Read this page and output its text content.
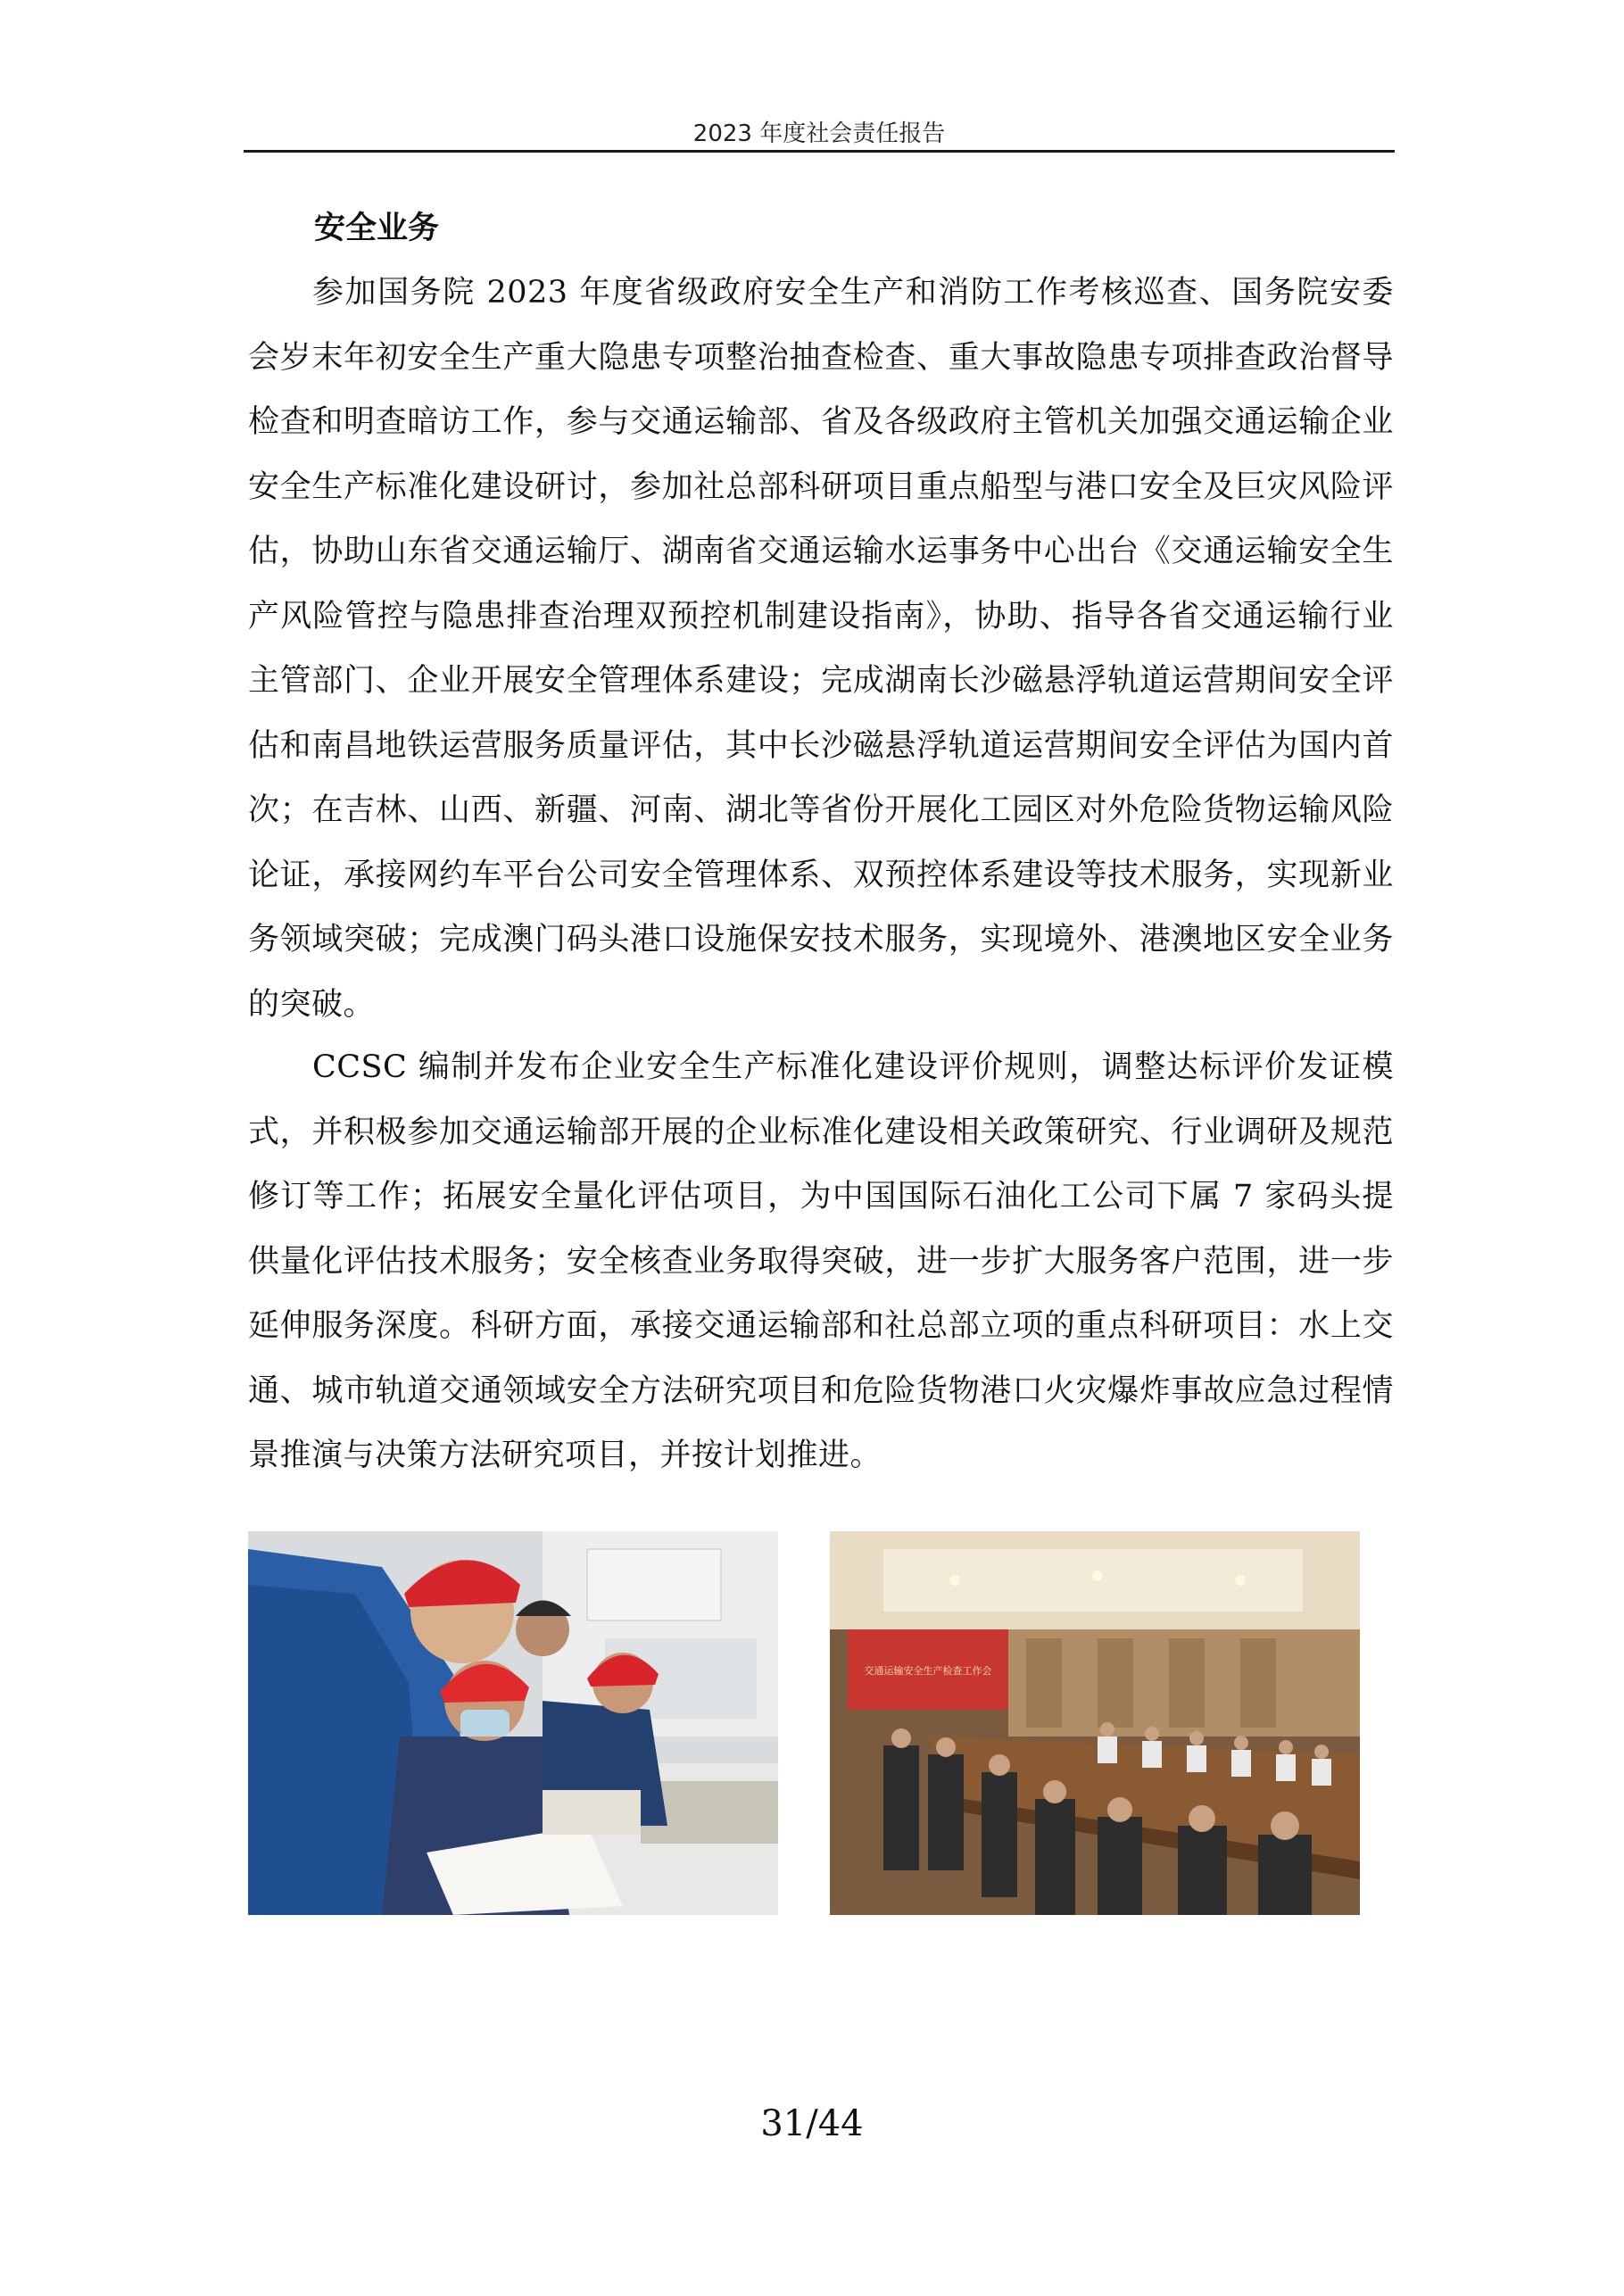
2023 年度社会责任报告
安全业务

参加国务院 2023 年度省级政府安全生产和消防工作考核巡查、国务院安委会岁末年初安全生产重大隐患专项整治抽查检查、重大事故隐患专项排查政治督导检查和明查暗访工作，参与交通运输部、省及各级政府主管机关加强交通运输企业安全生产标准化建设研讨，参加社总部科研项目重点船型与港口安全及巨灾风险评估，协助山东省交通运输厅、湖南省交通运输水运事务中心出台《交通运输安全生产风险管控与隐患排查治理双预控机制建设指南》，协助、指导各省交通运输行业主管部门、企业开展安全管理体系建设；完成湖南长沙磁悬浮轨道运营期间安全评估和南昌地铁运营服务质量评估，其中长沙磁悬浮轨道运营期间安全评估为国内首次；在吉林、山西、新疆、河南、湖北等省份开展化工园区对外危险货物运输风险论证，承接网约车平台公司安全管理体系、双预控体系建设等技术服务，实现新业务领域突破；完成澳门码头港口设施保安技术服务，实现境外、港澳地区安全业务的突破。

CCSC 编制并发布企业安全生产标准化建设评价规则，调整达标评价发证模式，并积极参加交通运输部开展的企业标准化建设相关政策研究、行业调研及规范修订等工作；拓展安全量化评估项目，为中国国际石油化工公司下属 7 家码头提供量化评估技术服务；安全核查业务取得突破，进一步扩大服务客户范围，进一步延伸服务深度。科研方面，承接交通运输部和社总部立项的重点科研项目：水上交通、城市轨道交通领域安全方法研究项目和危险货物港口火灾爆炸事故应急过程情景推演与决策方法研究项目，并按计划推进。

交通运输安全生产检查工作会
31/44
